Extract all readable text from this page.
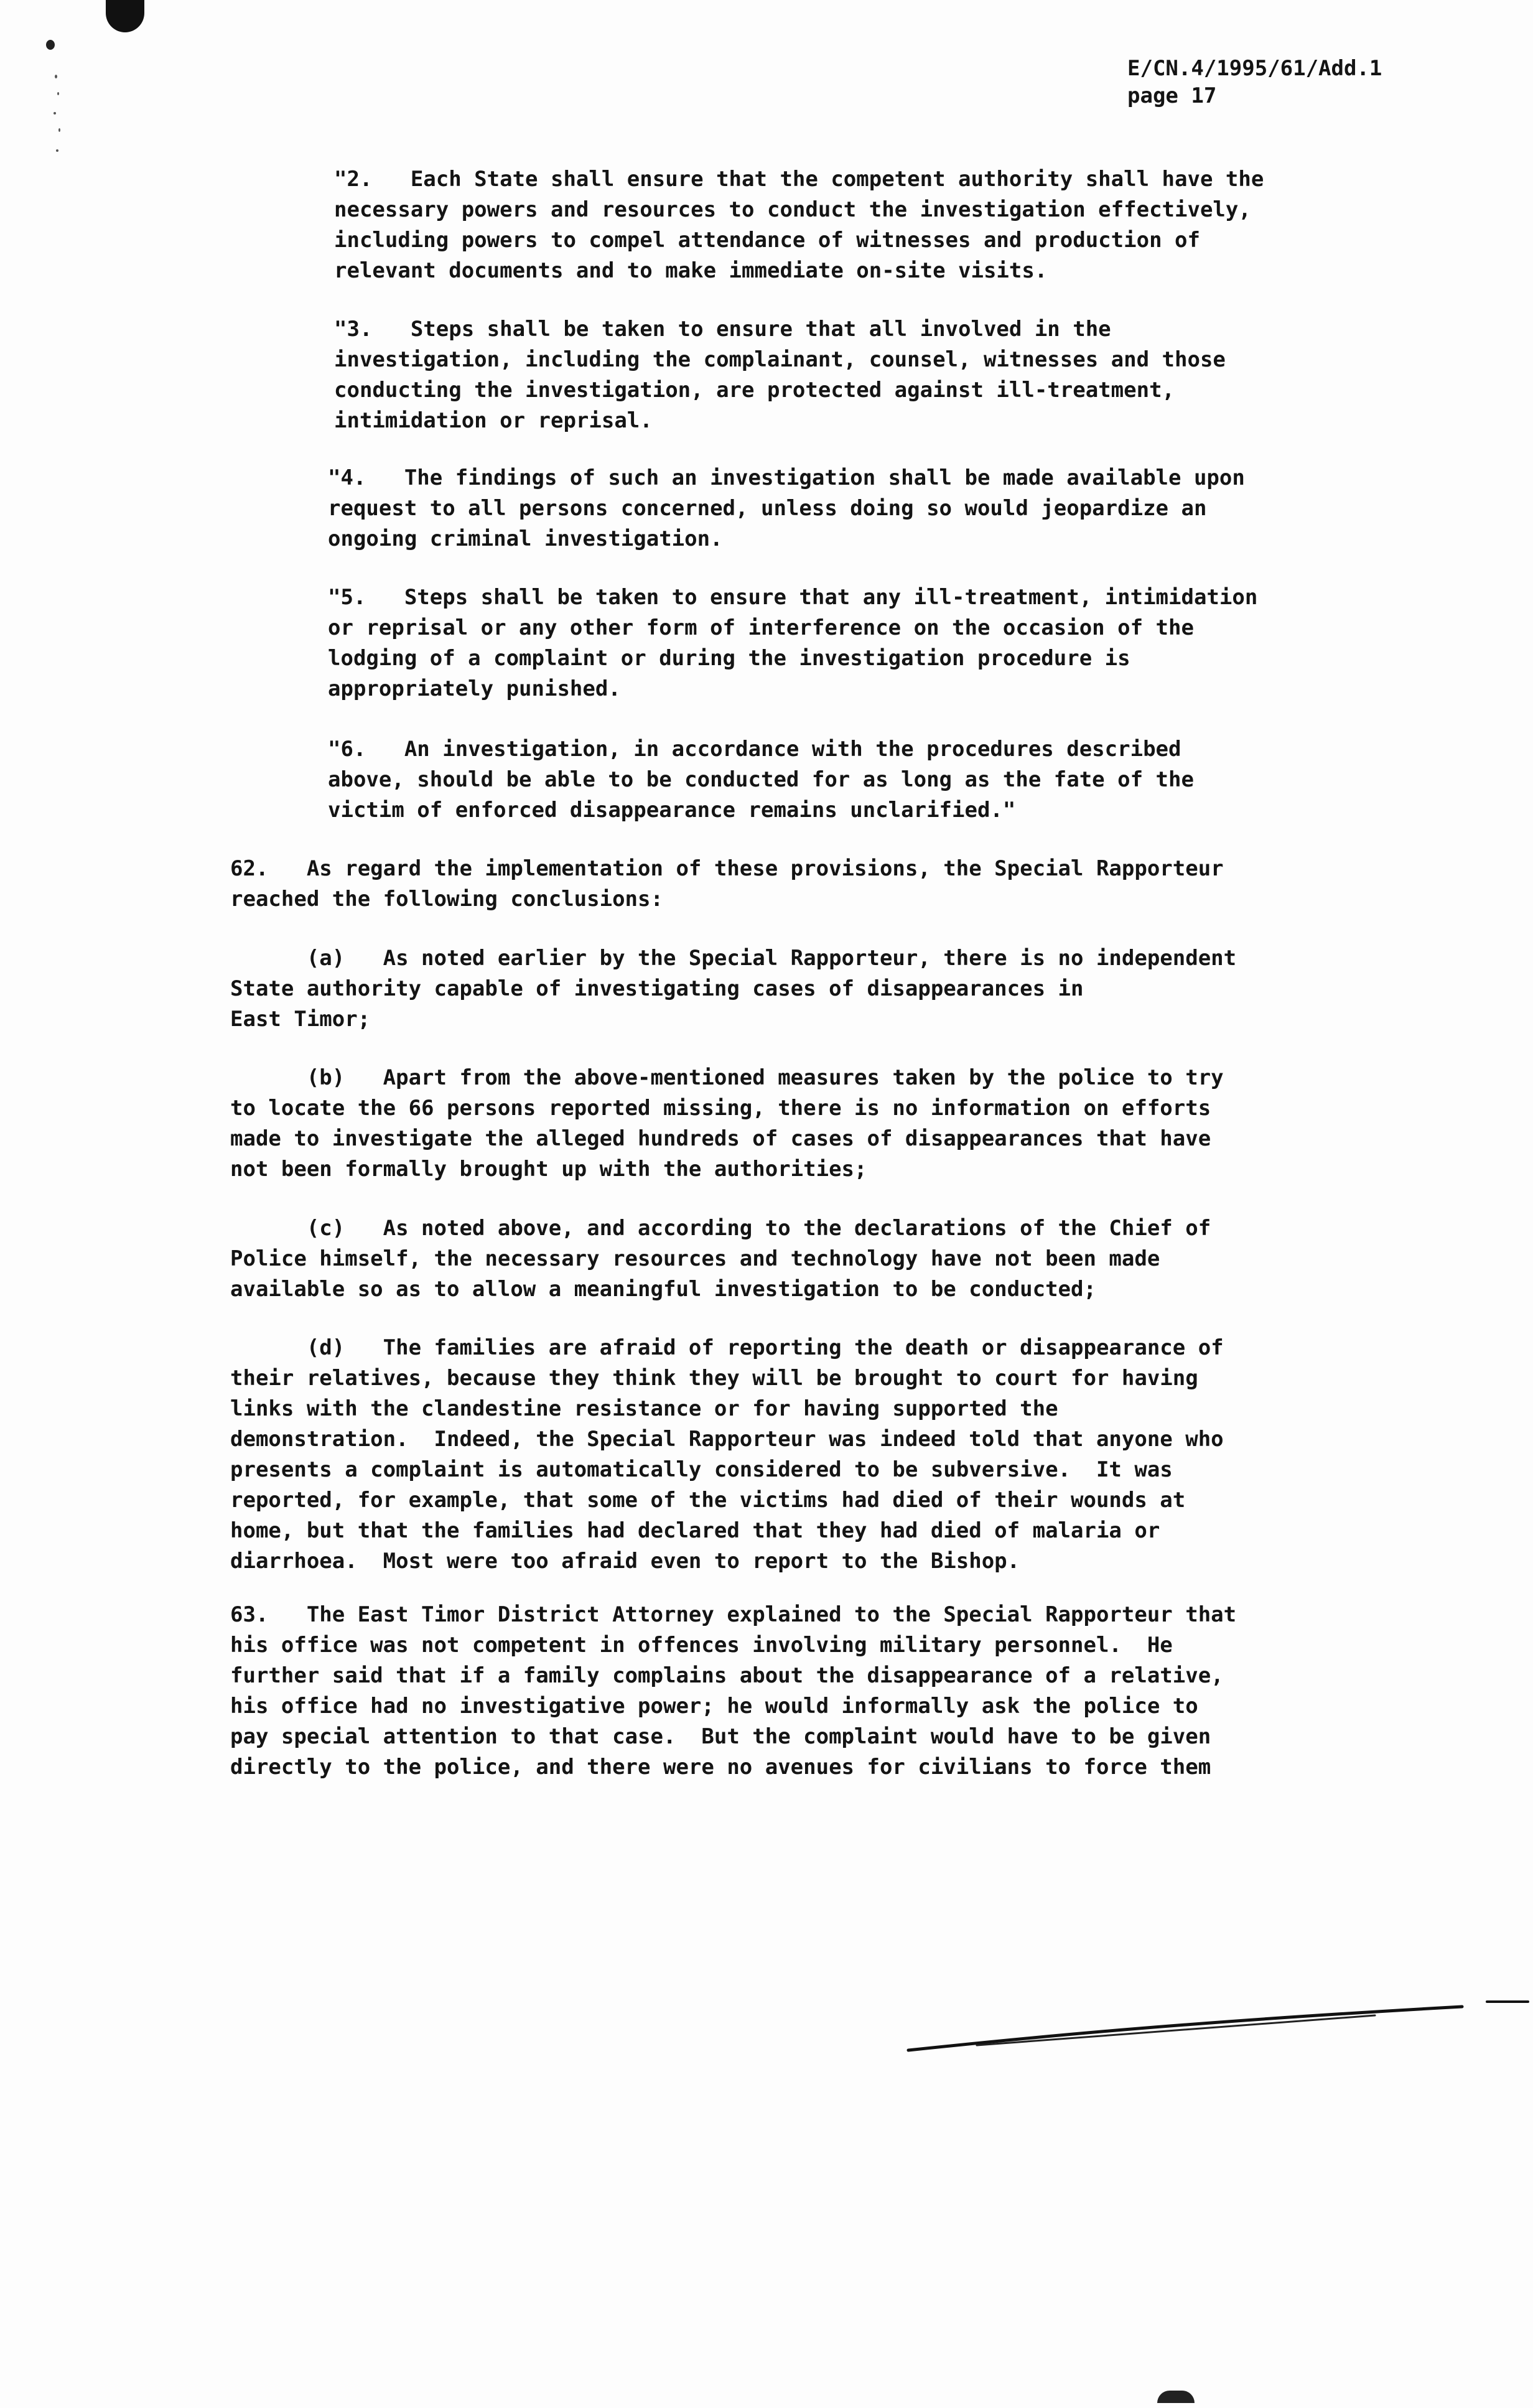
E/CN.4/1995/61/Add.1
page 17

"2.   Each State shall ensure that the competent authority shall have the
necessary powers and resources to conduct the investigation effectively,
including powers to compel attendance of witnesses and production of
relevant documents and to make immediate on-site visits.

"3.   Steps shall be taken to ensure that all involved in the
investigation, including the complainant, counsel, witnesses and those
conducting the investigation, are protected against ill-treatment,
intimidation or reprisal.

"4.   The findings of such an investigation shall be made available upon
request to all persons concerned, unless doing so would jeopardize an
ongoing criminal investigation.

"5.   Steps shall be taken to ensure that any ill-treatment, intimidation
or reprisal or any other form of interference on the occasion of the
lodging of a complaint or during the investigation procedure is
appropriately punished.

"6.   An investigation, in accordance with the procedures described
above, should be able to be conducted for as long as the fate of the
victim of enforced disappearance remains unclarified."

62.   As regard the implementation of these provisions, the Special Rapporteur
reached the following conclusions:

(a)   As noted earlier by the Special Rapporteur, there is no independent
State authority capable of investigating cases of disappearances in
East Timor;

(b)   Apart from the above-mentioned measures taken by the police to try
to locate the 66 persons reported missing, there is no information on efforts
made to investigate the alleged hundreds of cases of disappearances that have
not been formally brought up with the authorities;

(c)   As noted above, and according to the declarations of the Chief of
Police himself, the necessary resources and technology have not been made
available so as to allow a meaningful investigation to be conducted;

(d)   The families are afraid of reporting the death or disappearance of
their relatives, because they think they will be brought to court for having
links with the clandestine resistance or for having supported the
demonstration.  Indeed, the Special Rapporteur was indeed told that anyone who
presents a complaint is automatically considered to be subversive.  It was
reported, for example, that some of the victims had died of their wounds at
home, but that the families had declared that they had died of malaria or
diarrhoea.  Most were too afraid even to report to the Bishop.

63.   The East Timor District Attorney explained to the Special Rapporteur that
his office was not competent in offences involving military personnel.  He
further said that if a family complains about the disappearance of a relative,
his office had no investigative power; he would informally ask the police to
pay special attention to that case.  But the complaint would have to be given
directly to the police, and there were no avenues for civilians to force them
